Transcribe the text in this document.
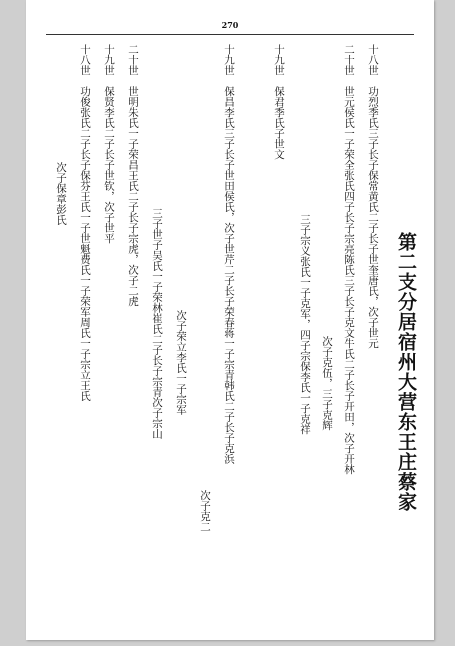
270
第二支分居宿州大营东王庄蔡家
十八世　功烈季氏三子长子保常黄氏二子长子世奎唐氏，次子世元
二十世　世元侯氏一子荣全张氏四子长子宗亮陈氏三子长子克文牛氏二子长子开田，次子开林
次子克伍，三子克辉
十九世　保君季氏子世文
三子宗义张氏一子克军，四子宗保李氏一子克祥
十九世　保昌李氏三子长子世田侯氏，次子世芹二子长子荣春蒋一子宗青韩氏二子长子克浜
次子克二
次子荣立李氏一子宗军
三子世子吴氏一子荣林崔氏二子长子宗青次子宗山
二十世　世明朱氏一子荣昌王氏二子长子宗虎，次子二虎
十九世　保贤李氏二子长子世钦，次子世平
十八世　功俊张氏二子长子保芬王氏一子世魁费氏一子荣军周氏一子宗立王氏
次子保章彭氏
